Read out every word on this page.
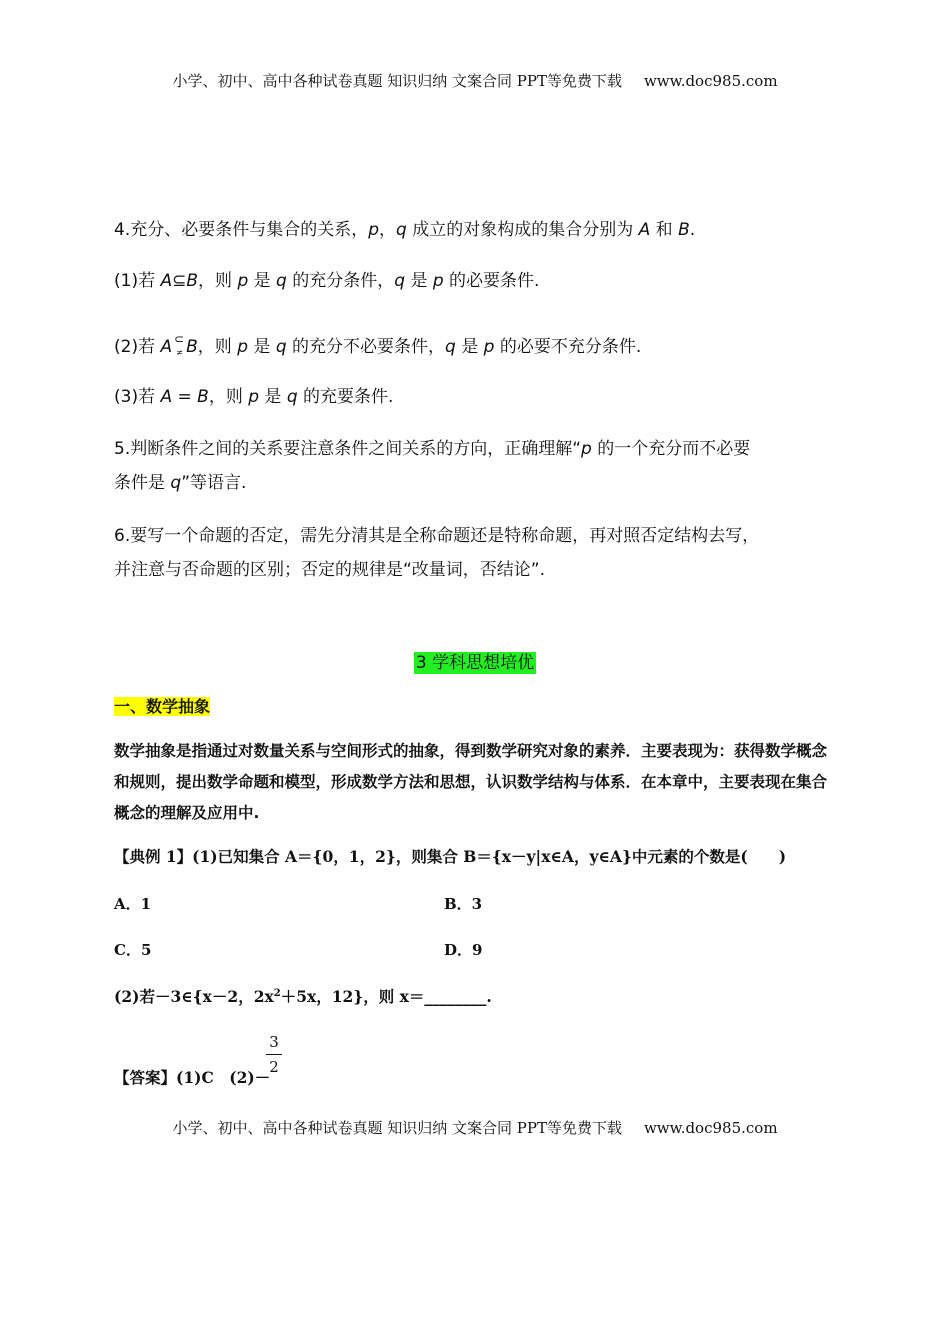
小学、初中、高中各种试卷真题 知识归纳 文案合同 PPT等免费下载 www.doc985.com
4.充分、必要条件与集合的关系，p，q 成立的对象构成的集合分别为 A 和 B.
(1)若 A⊆B，则 p 是 q 的充分条件，q 是 p 的必要条件.
(2)若 A ⊂
≠ B，则 p 是 q 的充分不必要条件，q 是 p 的必要不充分条件.
(3)若 A = B，则 p 是 q 的充要条件.
5.判断条件之间的关系要注意条件之间关系的方向，正确理解“p 的一个充分而不必要
条件是 q”等语言.
6.要写一个命题的否定，需先分清其是全称命题还是特称命题，再对照否定结构去写，
并注意与否命题的区别；否定的规律是“改量词，否结论”.
3 学科思想培优
一、数学抽象
数学抽象是指通过对数量关系与空间形式的抽象，得到数学研究对象的素养．主要表现为：获得数学概念和规则，提出数学命题和模型，形成数学方法和思想，认识数学结构与体系．在本章中，主要表现在集合概念的理解及应用中.
【典例 1】(1)已知集合 A＝{0，1，2}，则集合 B＝{x－y|x∈A，y∈A}中元素的个数是(　　)
A．1	B．3
C．5	D．9
(2)若－3∈{x－2，$2x^2+5x$，12}，则 x＝________.
【答案】(1)C　(2)－
3
2
小学、初中、高中各种试卷真题 知识归纳 文案合同 PPT等免费下载 www.doc985.com
